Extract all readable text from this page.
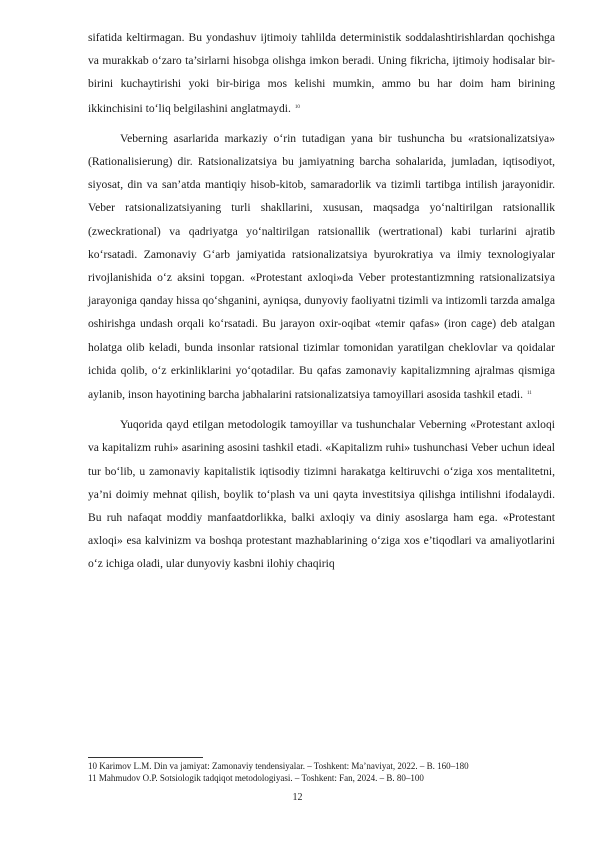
sifatida keltirmagan. Bu yondashuv ijtimoiy tahlilda deterministik soddalashtirishlardan qochishga va murakkab o‘zaro ta’sirlarni hisobga olishga imkon beradi. Uning fikricha, ijtimoiy hodisalar bir-birini kuchaytirishi yoki bir-biriga mos kelishi mumkin, ammo bu har doim ham birining ikkinchisini to‘liq belgilashini anglatmaydi. $^{10}$

Veberning asarlarida markaziy o‘rin tutadigan yana bir tushuncha bu «ratsionalizatsiya» (Rationalisierung) dir. Ratsionalizatsiya bu jamiyatning barcha sohalarida, jumladan, iqtisodiyot, siyosat, din va san’atda mantiqiy hisob-kitob, samaradorlik va tizimli tartibga intilish jarayonidir. Veber ratsionalizatsiyaning turli shakllarini, xususan, maqsadga yo‘naltirilgan ratsionallik (zweckrational) va qadriyatga yo‘naltirilgan ratsionallik (wertrational) kabi turlarini ajratib ko‘rsatadi. Zamonaviy G‘arb jamiyatida ratsionalizatsiya byurokratiya va ilmiy texnologiyalar rivojlanishida o‘z aksini topgan. «Protestant axloqi»da Veber protestantizmning ratsionalizatsiya jarayoniga qanday hissa qo‘shganini, ayniqsa, dunyoviy faoliyatni tizimli va intizomli tarzda amalga oshirishga undash orqali ko‘rsatadi. Bu jarayon oxir-oqibat «temir qafas» (iron cage) deb atalgan holatga olib keladi, bunda insonlar ratsional tizimlar tomonidan yaratilgan cheklovlar va qoidalar ichida qolib, o‘z erkinliklarini yo‘qotadilar. Bu qafas zamonaviy kapitalizmning ajralmas qismiga aylanib, inson hayotining barcha jabhalarini ratsionalizatsiya tamoyillari asosida tashkil etadi. $^{11}$

Yuqorida qayd etilgan metodologik tamoyillar va tushunchalar Veberning «Protestant axloqi va kapitalizm ruhi» asarining asosini tashkil etadi. «Kapitalizm ruhi» tushunchasi Veber uchun ideal tur bo‘lib, u zamonaviy kapitalistik iqtisodiy tizimni harakatga keltiruvchi o‘ziga xos mentalitetni, ya’ni doimiy mehnat qilish, boylik to‘plash va uni qayta investitsiya qilishga intilishni ifodalaydi. Bu ruh nafaqat moddiy manfaatdorlikka, balki axloqiy va diniy asoslarga ham ega. «Protestant axloqi» esa kalvinizm va boshqa protestant mazhablarining o‘ziga xos e’tiqodlari va amaliyotlarini o‘z ichiga oladi, ular dunyoviy kasbni ilohiy chaqiriq

10 Karimov L.M. Din va jamiyat: Zamonaviy tendensiyalar. – Toshkent: Ma’naviyat, 2022. – B. 160–180

11 Mahmudov O.P. Sotsiologik tadqiqot metodologiyasi. – Toshkent: Fan, 2024. – B. 80–100

12
